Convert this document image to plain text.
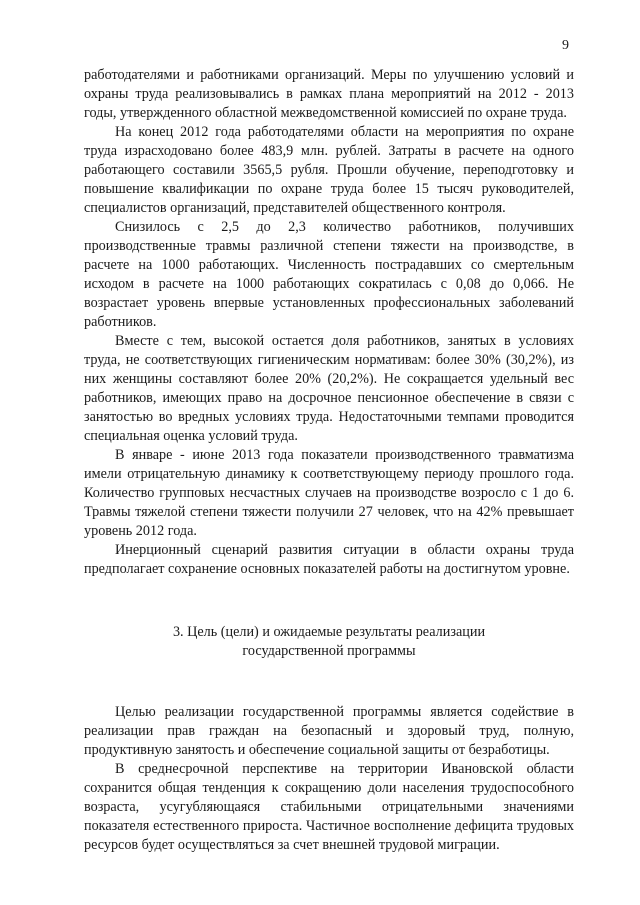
9

работодателями и работниками организаций. Меры по улучшению условий и охраны труда реализовывались в рамках плана мероприятий на 2012 - 2013 годы, утвержденного областной межведомственной комиссией по охране труда.

На конец 2012 года работодателями области на мероприятия по охране труда израсходовано более 483,9 млн. рублей. Затраты в расчете на одного работающего составили 3565,5 рубля. Прошли обучение, переподготовку и повышение квалификации по охране труда более 15 тысяч руководителей, специалистов организаций, представителей общественного контроля.

Снизилось с 2,5 до 2,3 количество работников, получивших производственные травмы различной степени тяжести на производстве, в расчете на 1000 работающих. Численность пострадавших со смертельным исходом в расчете на 1000 работающих сократилась с 0,08 до 0,066. Не возрастает уровень впервые установленных профессиональных заболеваний работников.

Вместе с тем, высокой остается доля работников, занятых в условиях труда, не соответствующих гигиеническим нормативам: более 30% (30,2%), из них женщины составляют более 20% (20,2%). Не сокращается удельный вес работников, имеющих право на досрочное пенсионное обеспечение в связи с занятостью во вредных условиях труда. Недостаточными темпами проводится специальная оценка условий труда.

В январе - июне 2013 года показатели производственного травматизма имели отрицательную динамику к соответствующему периоду прошлого года. Количество групповых несчастных случаев на производстве возросло с 1 до 6. Травмы тяжелой степени тяжести получили 27 человек, что на 42% превышает уровень 2012 года.

Инерционный сценарий развития ситуации в области охраны труда предполагает сохранение основных показателей работы на достигнутом уровне.

3. Цель (цели) и ожидаемые результаты реализации
государственной программы

Целью реализации государственной программы является содействие в реализации прав граждан на безопасный и здоровый труд, полную, продуктивную занятость и обеспечение социальной защиты от безработицы.

В среднесрочной перспективе на территории Ивановской области сохранится общая тенденция к сокращению доли населения трудоспособного возраста, усугубляющаяся стабильными отрицательными значениями показателя естественного прироста. Частичное восполнение дефицита трудовых ресурсов будет осуществляться за счет внешней трудовой миграции.
